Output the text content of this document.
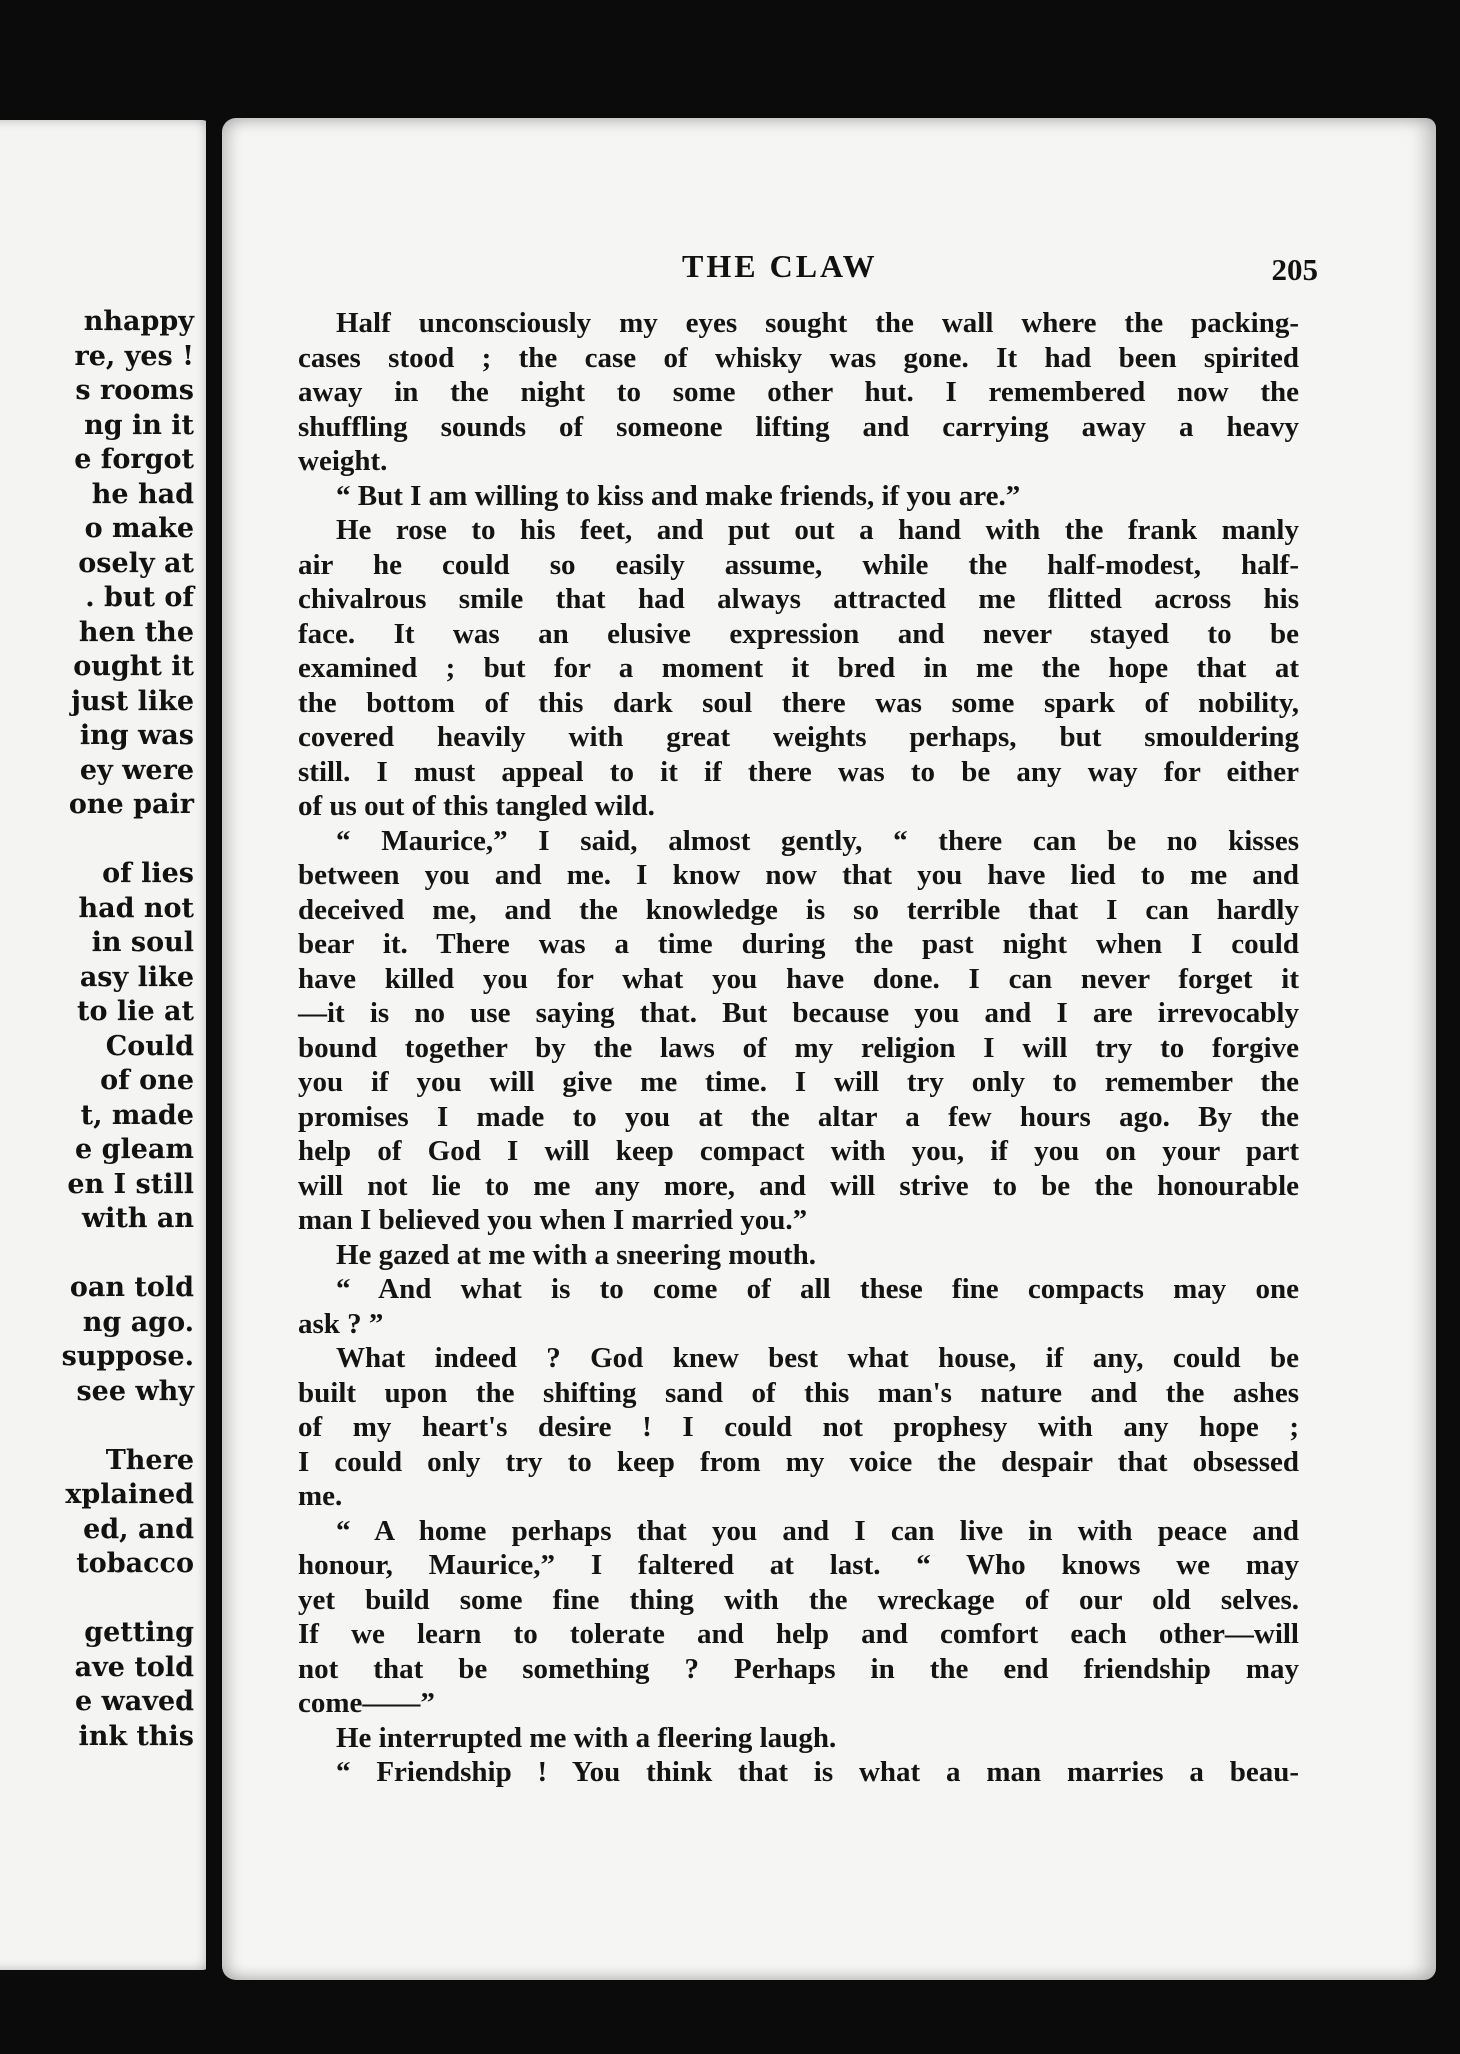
nhappy
re, yes !
s rooms
ng in it
e forgot
he had
o make
osely at
. but of
hen the
ought it
just like
ing was
ey were
one pair
of lies
had not
in soul
asy like
to lie at
Could
of one
t, made
e gleam
en I still
with an
oan told
ng ago.
suppose.
see why
There
xplained
ed, and
tobacco
getting
ave told
e waved
ink this
THE CLAW	205
Half unconsciously my eyes sought the wall where the packing-
cases stood ; the case of whisky was gone. It had been spirited
away in the night to some other hut. I remembered now the
shuffling sounds of someone lifting and carrying away a heavy
weight.
“ But I am willing to kiss and make friends, if you are.”
He rose to his feet, and put out a hand with the frank manly
air he could so easily assume, while the half-modest, half-
chivalrous smile that had always attracted me flitted across his
face. It was an elusive expression and never stayed to be
examined ; but for a moment it bred in me the hope that at
the bottom of this dark soul there was some spark of nobility,
covered heavily with great weights perhaps, but smouldering
still. I must appeal to it if there was to be any way for either
of us out of this tangled wild.
“ Maurice,” I said, almost gently, “ there can be no kisses
between you and me. I know now that you have lied to me and
deceived me, and the knowledge is so terrible that I can hardly
bear it. There was a time during the past night when I could
have killed you for what you have done. I can never forget it
—it is no use saying that. But because you and I are irrevocably
bound together by the laws of my religion I will try to forgive
you if you will give me time. I will try only to remember the
promises I made to you at the altar a few hours ago. By the
help of God I will keep compact with you, if you on your part
will not lie to me any more, and will strive to be the honourable
man I believed you when I married you.”
He gazed at me with a sneering mouth.
“ And what is to come of all these fine compacts may one
ask ? ”
What indeed ? God knew best what house, if any, could be
built upon the shifting sand of this man's nature and the ashes
of my heart's desire ! I could not prophesy with any hope ;
I could only try to keep from my voice the despair that obsessed
me.
“ A home perhaps that you and I can live in with peace and
honour, Maurice,” I faltered at last. “ Who knows we may
yet build some fine thing with the wreckage of our old selves.
If we learn to tolerate and help and comfort each other—will
not that be something ? Perhaps in the end friendship may
come——”
He interrupted me with a fleering laugh.
“ Friendship ! You think that is what a man marries a beau-
